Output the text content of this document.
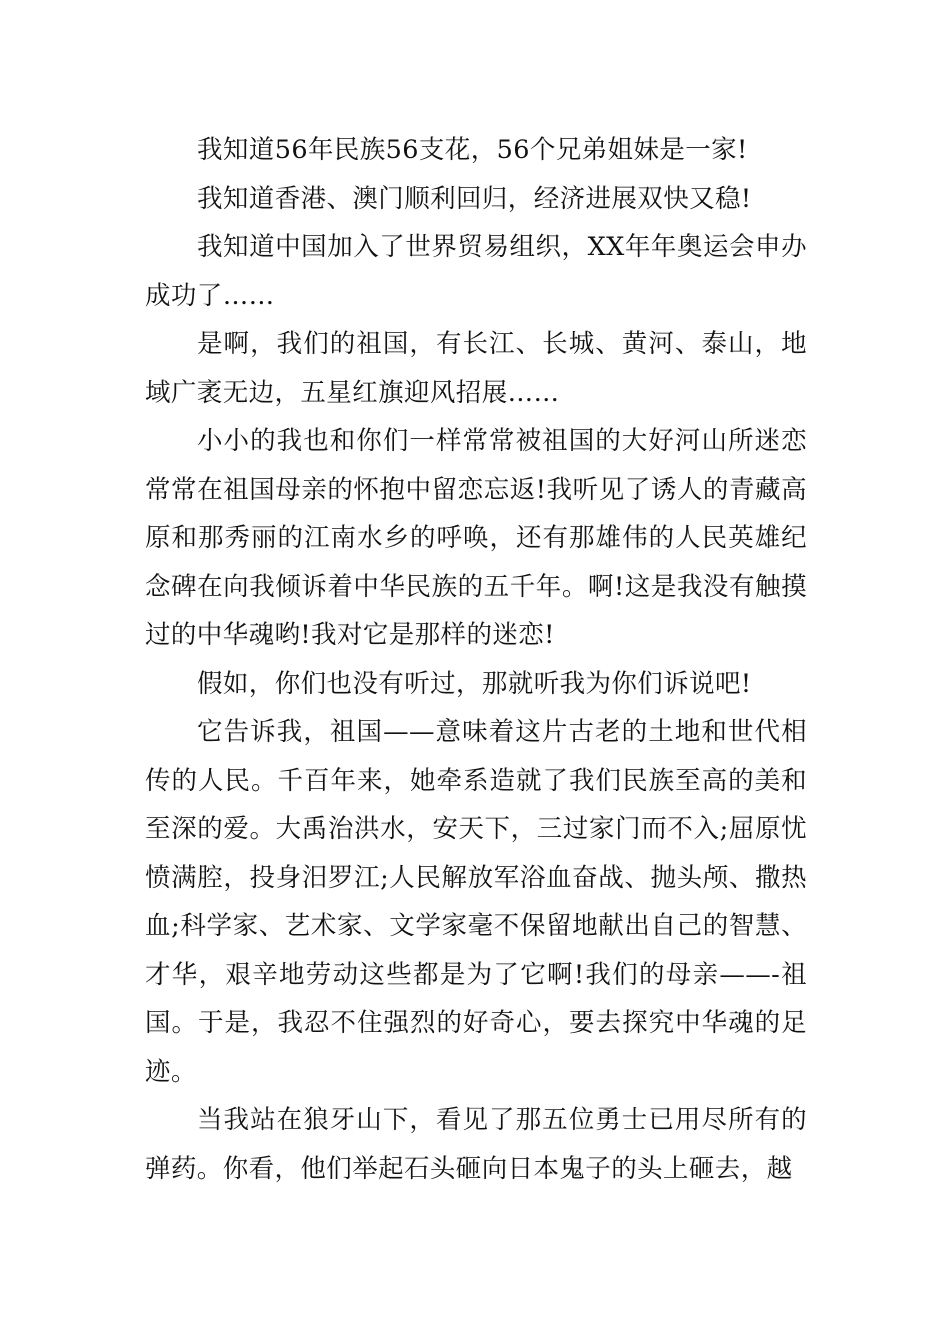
我知道56年民族56支花，56个兄弟姐妹是一家!

我知道香港、澳门顺利回归，经济进展双快又稳!

我知道中国加入了世界贸易组织，XX年年奥运会申办成功了……

是啊，我们的祖国，有长江、长城、黄河、泰山，地域广袤无边，五星红旗迎风招展……

小小的我也和你们一样常常被祖国的大好河山所迷恋常常在祖国母亲的怀抱中留恋忘返!我听见了诱人的青藏高原和那秀丽的江南水乡的呼唤，还有那雄伟的人民英雄纪念碑在向我倾诉着中华民族的五千年。啊!这是我没有触摸过的中华魂哟!我对它是那样的迷恋!

假如，你们也没有听过，那就听我为你们诉说吧!

它告诉我，祖国——意味着这片古老的土地和世代相传的人民。千百年来，她牵系造就了我们民族至高的美和至深的爱。大禹治洪水，安天下，三过家门而不入;屈原忧愤满腔，投身汨罗江;人民解放军浴血奋战、抛头颅、撒热血;科学家、艺术家、文学家毫不保留地献出自己的智慧、才华，艰辛地劳动这些都是为了它啊!我们的母亲——-祖国。于是，我忍不住强烈的好奇心，要去探究中华魂的足迹。

当我站在狼牙山下，看见了那五位勇士已用尽所有的弹药。你看，他们举起石头砸向日本鬼子的头上砸去，越
